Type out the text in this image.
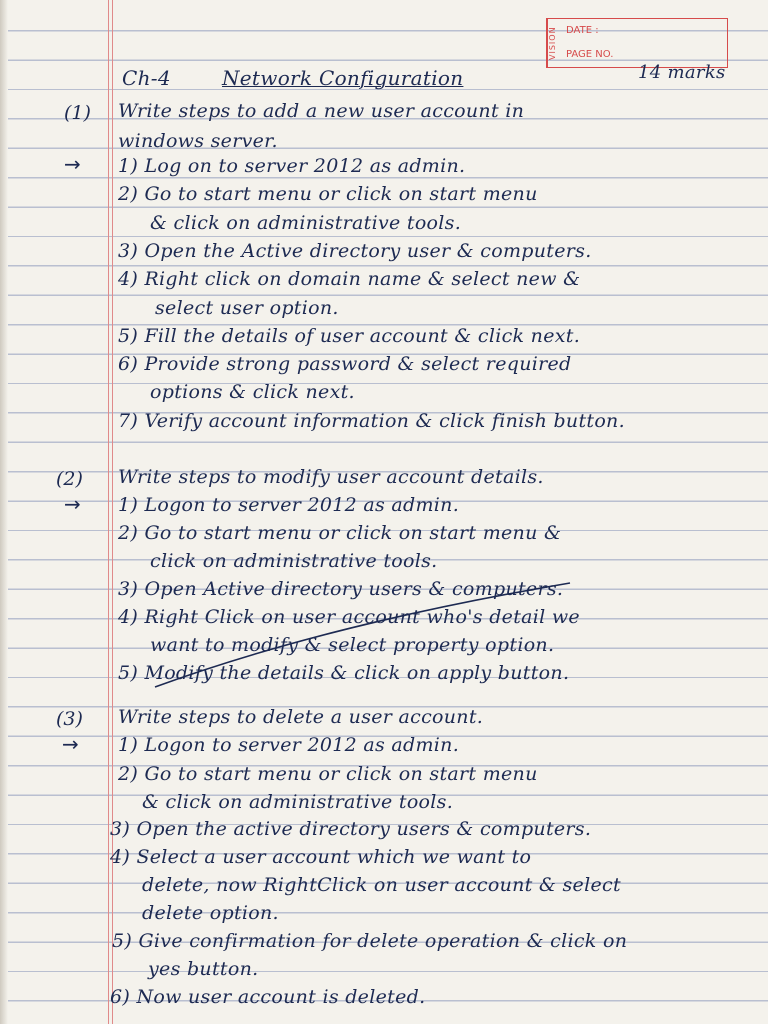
VISION DATE :
PAGE NO.
Ch-4	Network Configuration	14 marks
(1) Write steps to add a new user account in
windows server.
→ 1) Log on to server 2012 as admin.
2) Go to start menu or click on start menu
& click on administrative tools.
3) Open the Active directory user & computers.
4) Right click on domain name & select new &
select user option.
5) Fill the details of user account & click next.
6) Provide strong password & select required
options & click next.
7) Verify account information & click finish button.
(2) Write steps to modify user account details.
→ 1) Logon to server 2012 as admin.
2) Go to start menu or click on start menu &
click on administrative tools.
3) Open Active directory users & computers.
4) Right Click on user account who's detail we
want to modify & select property option.
5) Modify the details & click on apply button.
(3) Write steps to delete a user account.
→ 1) Logon to server 2012 as admin.
2) Go to start menu or click on start menu
& click on administrative tools.
3) Open the active directory users & computers.
4) Select a user account which we want to
delete, now RightClick on user account & select
delete option.
5) Give confirmation for delete operation & click on
yes button.
6) Now user account is deleted.
